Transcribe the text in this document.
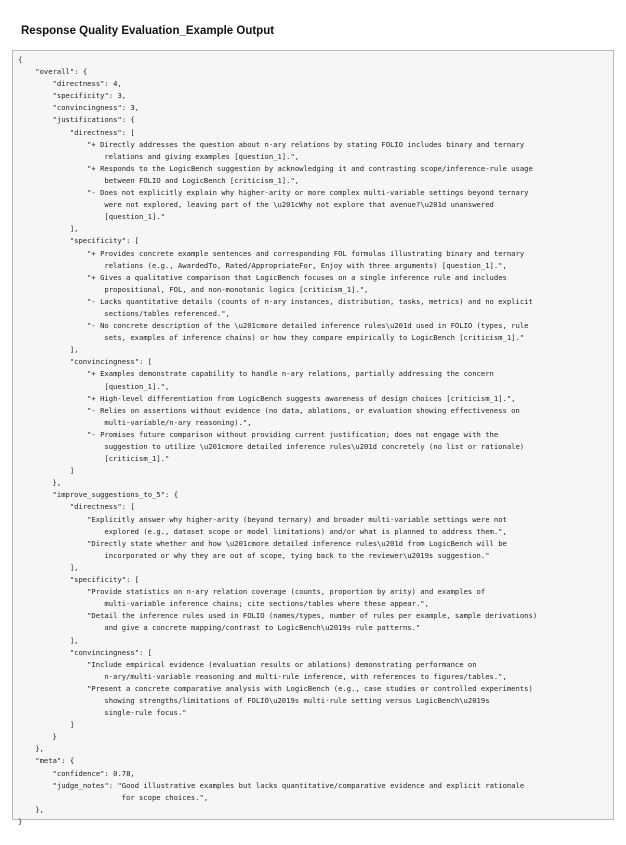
Response Quality Evaluation_Example Output
{
"overall": {
"directness": 4,
"specificity": 3,
"convincingness": 3,
"justifications": {
"directness": [
"+ Directly addresses the question about n-ary relations by stating FOLIO includes binary and ternary
relations and giving examples [question_1].",
"+ Responds to the LogicBench suggestion by acknowledging it and contrasting scope/inference-rule usage
between FOLIO and LogicBench [criticism_1].",
"- Does not explicitly explain why higher-arity or more complex multi-variable settings beyond ternary
were not explored, leaving part of the \u201cWhy not explore that avenue?\u201d unanswered
[question_1]."
],
"specificity": [
"+ Provides concrete example sentences and corresponding FOL formulas illustrating binary and ternary
relations (e.g., AwardedTo, Rated/AppropriateFor, Enjoy with three arguments) [question_1].",
"+ Gives a qualitative comparison that LogicBench focuses on a single inference rule and includes
propositional, FOL, and non-monotonic logics [criticism_1].",
"- Lacks quantitative details (counts of n-ary instances, distribution, tasks, metrics) and no explicit
sections/tables referenced.",
"- No concrete description of the \u201cmore detailed inference rules\u201d used in FOLIO (types, rule
sets, examples of inference chains) or how they compare empirically to LogicBench [criticism_1]."
],
"convincingness": [
"+ Examples demonstrate capability to handle n-ary relations, partially addressing the concern
[question_1].",
"+ High-level differentiation from LogicBench suggests awareness of design choices [criticism_1].",
"- Relies on assertions without evidence (no data, ablations, or evaluation showing effectiveness on
multi-variable/n-ary reasoning).",
"- Promises future comparison without providing current justification; does not engage with the
suggestion to utilize \u201cmore detailed inference rules\u201d concretely (no list or rationale)
[criticism_1]."
]
},
"improve_suggestions_to_5": {
"directness": [
"Explicitly answer why higher-arity (beyond ternary) and broader multi-variable settings were not
explored (e.g., dataset scope or model limitations) and/or what is planned to address them.",
"Directly state whether and how \u201cmore detailed inference rules\u201d from LogicBench will be
incorporated or why they are out of scope, tying back to the reviewer\u2019s suggestion."
],
"specificity": [
"Provide statistics on n-ary relation coverage (counts, proportion by arity) and examples of
multi-variable inference chains; cite sections/tables where these appear.",
"Detail the inference rules used in FOLIO (names/types, number of rules per example, sample derivations)
and give a concrete mapping/contrast to LogicBench\u2019s rule patterns."
],
"convincingness": [
"Include empirical evidence (evaluation results or ablations) demonstrating performance on
n-ary/multi-variable reasoning and multi-rule inference, with references to figures/tables.",
"Present a concrete comparative analysis with LogicBench (e.g., case studies or controlled experiments)
showing strengths/limitations of FOLIO\u2019s multi-rule setting versus LogicBench\u2019s
single-rule focus."
]
}
},
"meta": {
"confidence": 0.78,
"judge_notes": "Good illustrative examples but lacks quantitative/comparative evidence and explicit rationale
for scope choices.",
},
}
